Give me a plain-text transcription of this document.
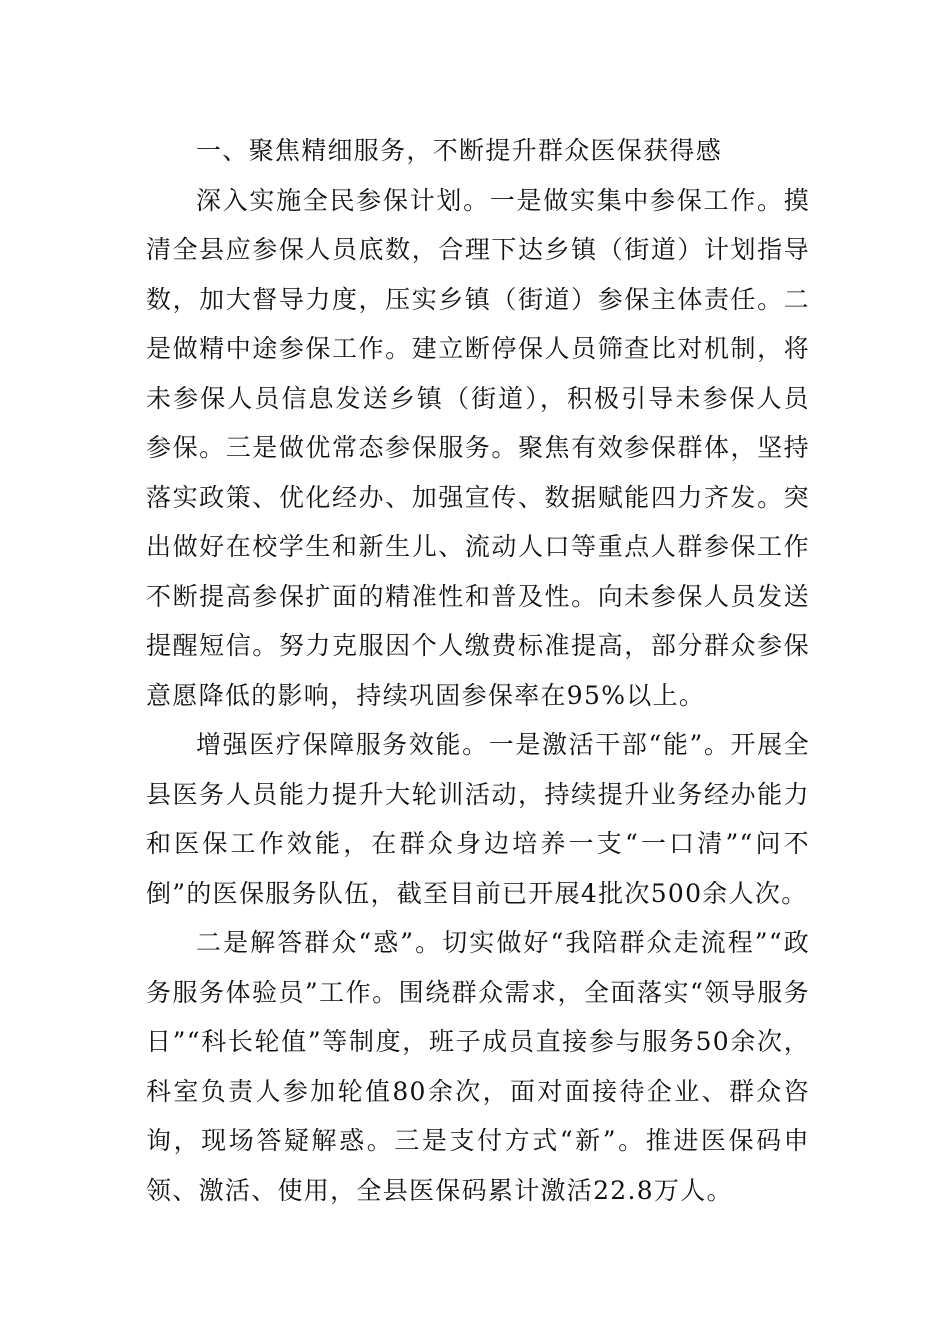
一、聚焦精细服务，不断提升群众医保获得感

深入实施全民参保计划。一是做实集中参保工作。摸清全县应参保人员底数，合理下达乡镇（街道）计划指导数，加大督导力度，压实乡镇（街道）参保主体责任。二是做精中途参保工作。建立断停保人员筛查比对机制，将未参保人员信息发送乡镇（街道），积极引导未参保人员参保。三是做优常态参保服务。聚焦有效参保群体，坚持落实政策、优化经办、加强宣传、数据赋能四力齐发。突出做好在校学生和新生儿、流动人口等重点人群参保工作不断提高参保扩面的精准性和普及性。向未参保人员发送提醒短信。努力克服因个人缴费标准提高，部分群众参保意愿降低的影响，持续巩固参保率在95%以上。

增强医疗保障服务效能。一是激活干部“能”。开展全县医务人员能力提升大轮训活动，持续提升业务经办能力和医保工作效能，在群众身边培养一支“一口清”“问不倒”的医保服务队伍，截至目前已开展4批次500余人次。

二是解答群众“惑”。切实做好“我陪群众走流程”“政务服务体验员”工作。围绕群众需求，全面落实“领导服务日”“科长轮值”等制度，班子成员直接参与服务50余次，科室负责人参加轮值80余次，面对面接待企业、群众咨询，现场答疑解惑。三是支付方式“新”。推进医保码申领、激活、使用，全县医保码累计激活22.8万人。
